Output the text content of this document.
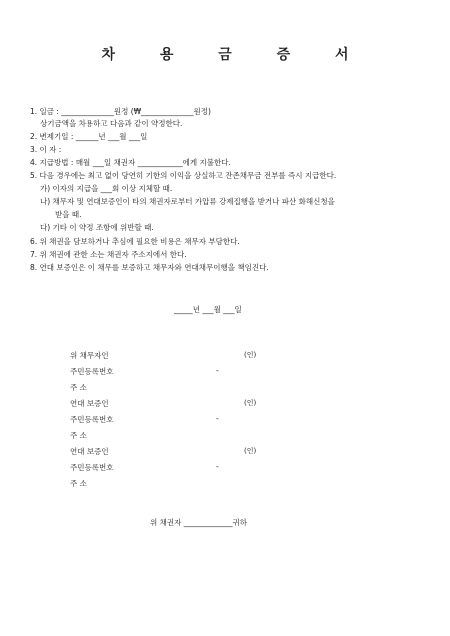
차 용 금 증 서
1. 일금 : ______________원정 (₩______________원정)
상기금액을 차용하고 다음과 같이 약정한다.
2. 변제기일 : ______년 ___월 ___일
3. 이 자 :
4. 지급방법 : 매월 ___일 채권자 ____________에게 지불한다.
5. 다음 경우에는 최고 없이 당연히 기한의 이익을 상실하고 잔존채무금 전부를 즉시 지급한다.
가) 이자의 지급을 ___회 이상 지체할 때.
나) 채무자 및 연대보증인이 타의 채권자로부터 가압류 강제집행을 받거나 파산 화해신청을
받을 때.
다) 기타 이 약정 조항에 위반할 때.
6. 위 채권을 담보하거나 추심에 필요한 비용은 채무자 부담한다.
7. 위 채권에 관한 소는 채권자 주소지에서 한다.
8. 연대 보증인은 이 채무를 보증하고 채무자와 연대채무이행을 책임진다.
_____년 ___월 ___일
위 채무자인	(인)
주민등록번호	-
주 소
연대 보증인	(인)
주민등록번호	-
주 소
연대 보증인	(인)
주민등록번호	-
주 소
위 채권자 _____________귀하
